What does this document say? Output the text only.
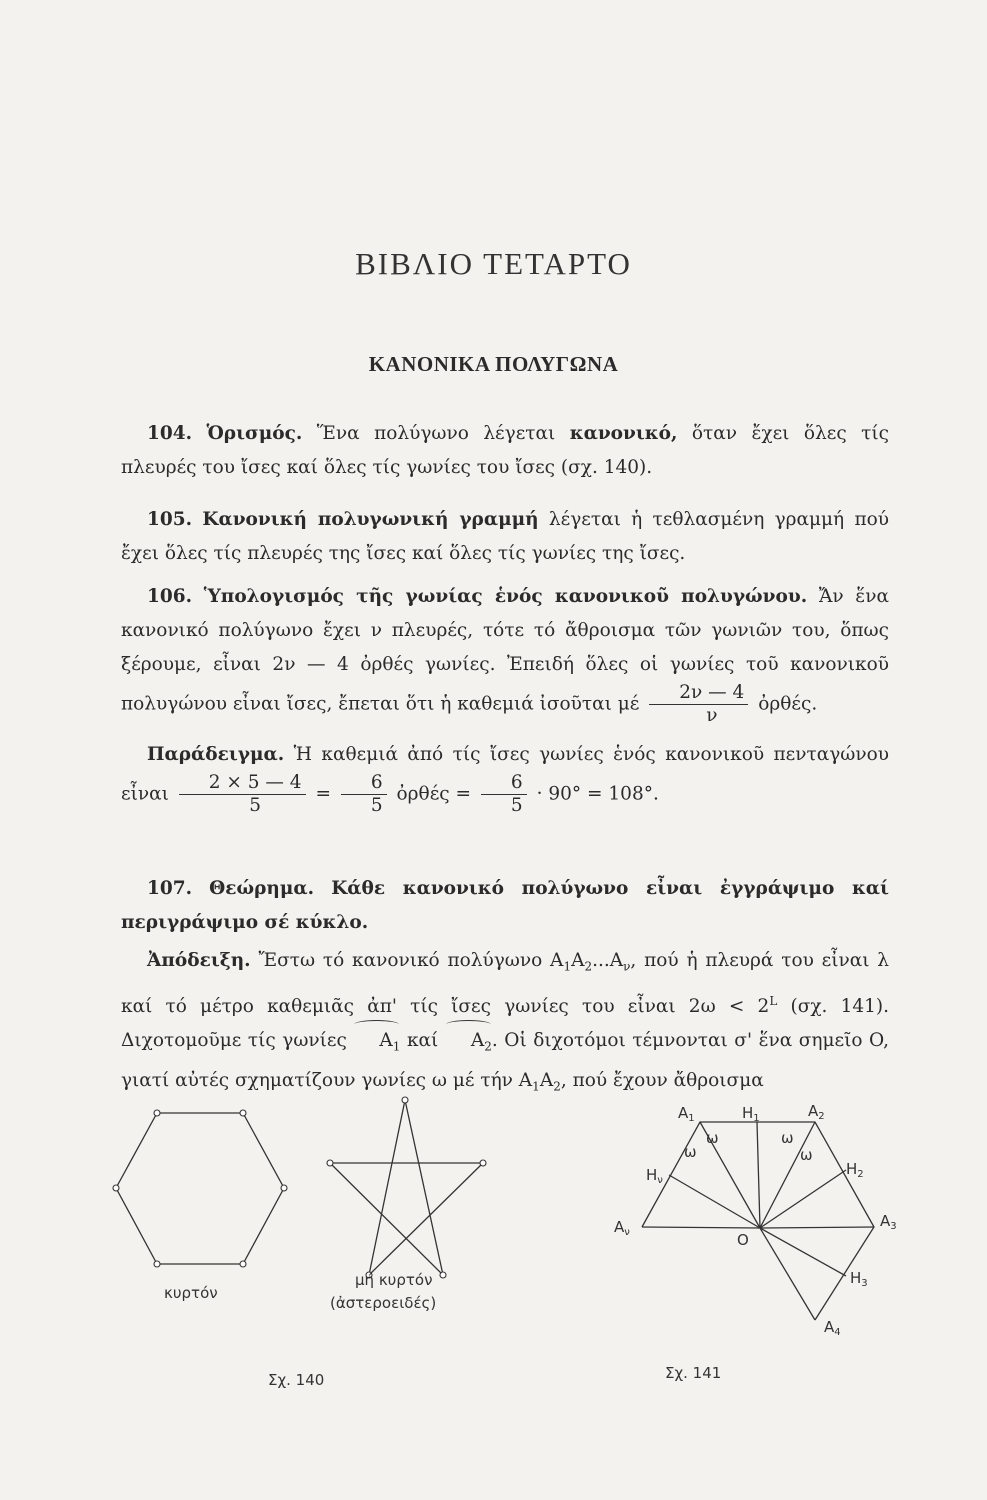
ΒΙΒΛΙΟ ΤΕΤΑΡΤΟ
ΚΑΝΟΝΙΚΑ ΠΟΛΥΓΩΝΑ

104. Ὁρισμός. Ἕνα πολύγωνο λέγεται κανονικό, ὅταν ἔχει ὅλες τίς πλευρές του ἴσες καί ὅλες τίς γωνίες του ἴσες (σχ. 140).

105. Κανονική πολυγωνική γραμμή λέγεται ἡ τεθλασμένη γραμμή πού ἔχει ὅλες τίς πλευρές της ἴσες καί ὅλες τίς γωνίες της ἴσες.

106. Ὑπολογισμός τῆς γωνίας ἑνός κανονικοῦ πολυγώνου. Ἄν ἕνα κανονικό πολύγωνο ἔχει ν πλευρές, τότε τό ἄθροισμα τῶν γωνιῶν του, ὅπως ξέρουμε, εἶναι 2ν — 4 ὀρθές γωνίες. Ἐπειδή ὅλες οἱ γωνίες τοῦ κανονικοῦ πολυγώνου εἶναι ἴσες, ἔπεται ὅτι ἡ καθεμιά ἰσοῦται μέ $\frac{2\nu — 4}{\nu}$ ὀρθές.

Παράδειγμα. Ἡ καθεμιά ἀπό τίς ἴσες γωνίες ἑνός κανονικοῦ πενταγώνου εἶναι $\frac{2 \times 5 — 4}{5} = \frac{6}{5}$ ὀρθές = $\frac{6}{5} \cdot 90^\circ = 108^\circ$.

107. Θεώρημα. Κάθε κανονικό πολύγωνο εἶναι ἐγγράψιμο καί περιγράψιμο σέ κύκλο.

Ἀπόδειξη. Ἔστω τό κανονικό πολύγωνο $A_1A_2...A_\nu$, πού ἡ πλευρά του εἶναι λ καί τό μέτρο καθεμιᾶς ἀπ' τίς ἴσες γωνίες του εἶναι $2\omega < 2^L$ (σχ. 141). Διχοτομοῦμε τίς γωνίες $A_1$ καί $A_2$. Οἱ διχοτόμοι τέμνονται σ' ἕνα σημεῖο O, γιατί αὐτές σχηματίζουν γωνίες ω μέ τήν $A_1A_2$, πού ἔχουν ἄθροισμα

κυρτόν
μή κυρτόν
(ἀστεροειδές)
Σχ. 140
$A_1$	$H_1$	$A_2$
$H_2$
$A_3$
$H_3$
$A_4$
$H_\nu$
$A_\nu$	O
ω
ω
ω
ω
Σχ. 141
